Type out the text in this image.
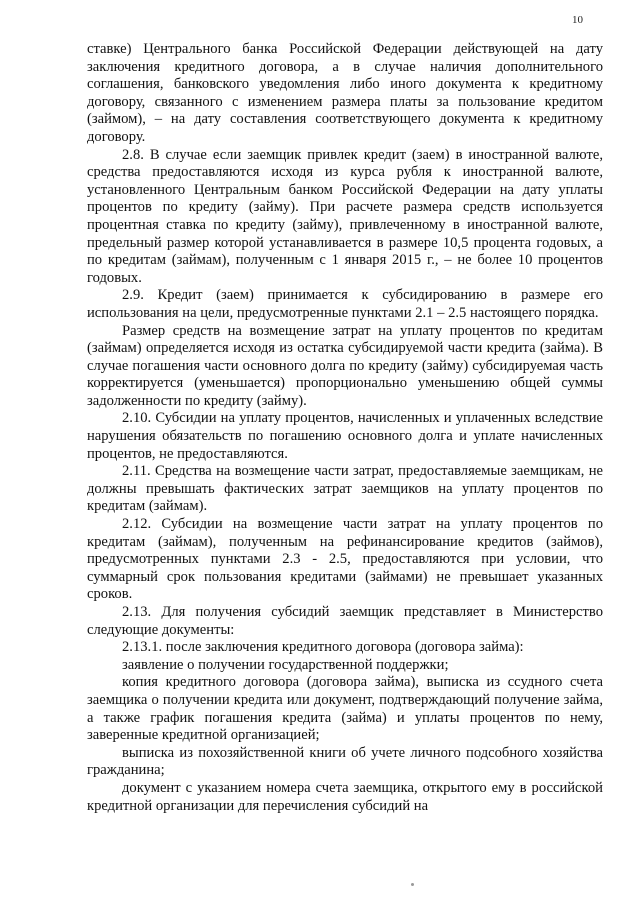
10

ставке) Центрального банка Российской Федерации действующей на дату заключения кредитного договора, а в случае наличия дополнительного соглашения, банковского уведомления либо иного документа к кредитному договору, связанного с изменением размера платы за пользование кредитом (займом), – на дату составления соответствующего документа к кредитному договору.

2.8. В случае если заемщик привлек кредит (заем) в иностранной валюте, средства предоставляются исходя из курса рубля к иностранной валюте, установленного Центральным банком Российской Федерации на дату уплаты процентов по кредиту (займу). При расчете размера средств используется процентная ставка по кредиту (займу), привлеченному в иностранной валюте, предельный размер которой устанавливается в размере 10,5 процента годовых, а по кредитам (займам), полученным с 1 января 2015 г., – не более 10 процентов годовых.

2.9. Кредит (заем) принимается к субсидированию в размере его использования на цели, предусмотренные пунктами 2.1 – 2.5 настоящего порядка.

Размер средств на возмещение затрат на уплату процентов по кредитам (займам) определяется исходя из остатка субсидируемой части кредита (займа). В случае погашения части основного долга по кредиту (займу) субсидируемая часть корректируется (уменьшается) пропорционально уменьшению общей суммы задолженности по кредиту (займу).

2.10. Субсидии на уплату процентов, начисленных и уплаченных вследствие нарушения обязательств по погашению основного долга и уплате начисленных процентов, не предоставляются.

2.11. Средства на возмещение части затрат, предоставляемые заемщикам, не должны превышать фактических затрат заемщиков на уплату процентов по кредитам (займам).

2.12. Субсидии на возмещение части затрат на уплату процентов по кредитам (займам), полученным на рефинансирование кредитов (займов), предусмотренных пунктами 2.3 - 2.5, предоставляются при условии, что суммарный срок пользования кредитами (займами) не превышает указанных сроков.

2.13. Для получения субсидий заемщик представляет в Министерство следующие документы:

2.13.1. после заключения кредитного договора (договора займа):

заявление о получении государственной поддержки;

копия кредитного договора (договора займа), выписка из ссудного счета заемщика о получении кредита или документ, подтверждающий получение займа, а также график погашения кредита (займа) и уплаты процентов по нему, заверенные кредитной организацией;

выписка из похозяйственной книги об учете личного подсобного хозяйства гражданина;

документ с указанием номера счета заемщика, открытого ему в российской кредитной организации для перечисления субсидий на
